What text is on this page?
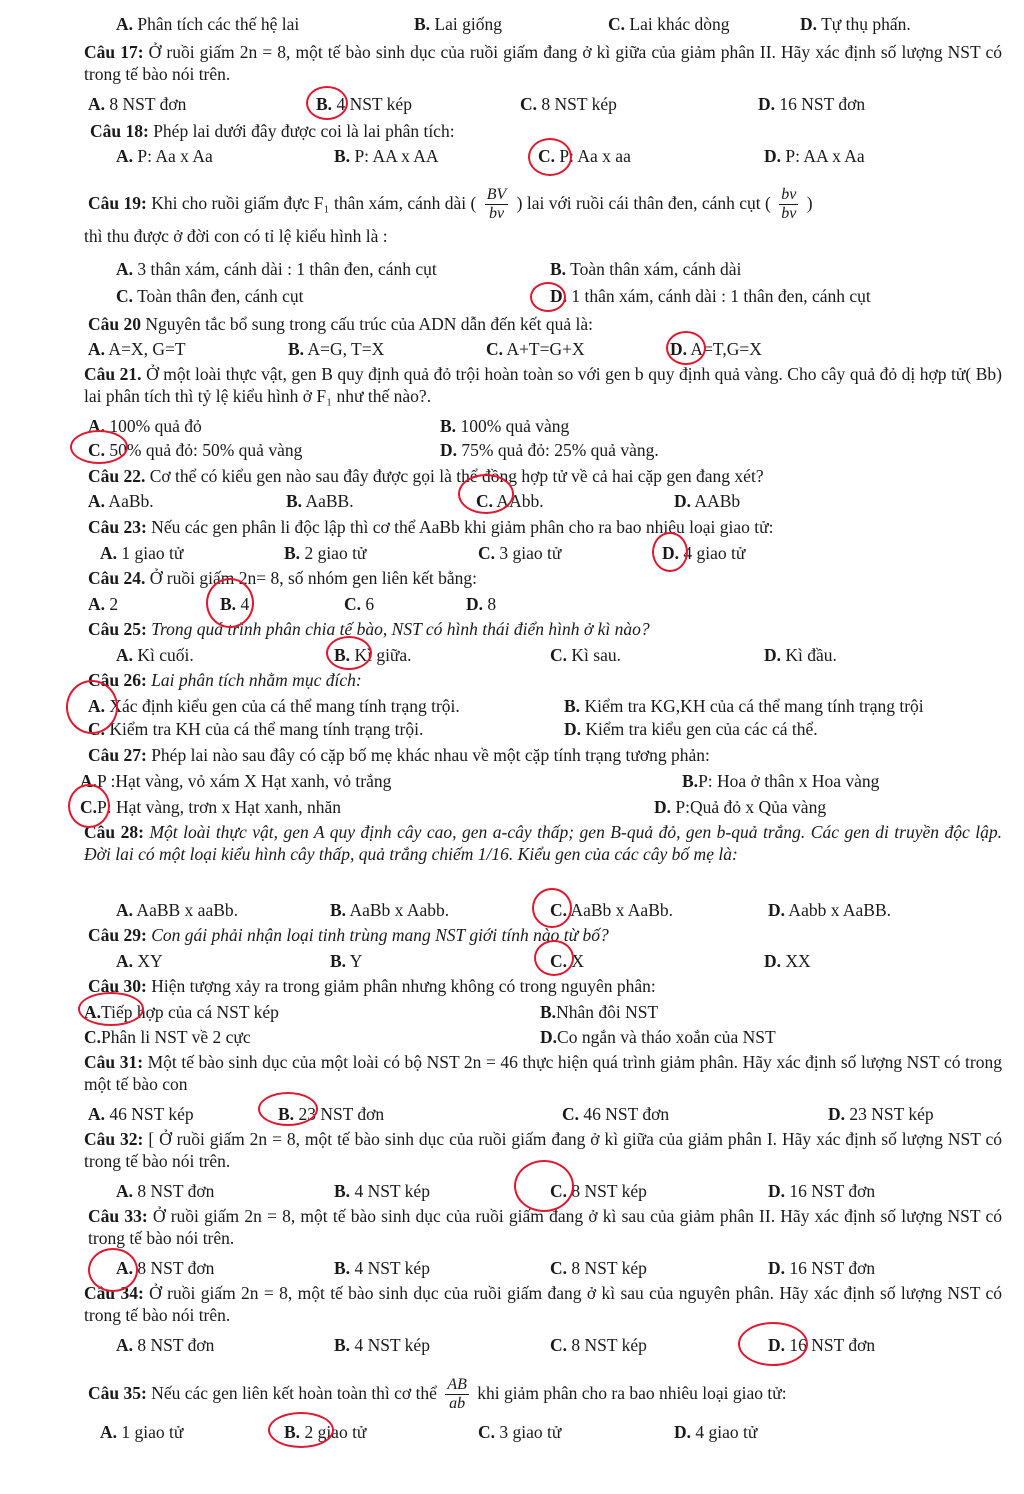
A. Phân tích các thế hệ lai	B. Lai giống	C. Lai khác dòng	D. Tự thụ phấn.
Câu 17: Ở ruồi giấm 2n = 8, một tế bào sinh dục của ruồi giấm đang ở kì giữa của giảm phân II. Hãy xác định số lượng NST có trong tế bào nói trên.
A. 8 NST đơn	B. 4 NST kép	C. 8 NST kép	D. 16 NST đơn
Câu 18: Phép lai dưới đây được coi là lai phân tích:
A. P: Aa x Aa	B. P: AA x AA	C. P: Aa x aa	D. P: AA x Aa
Câu 19: Khi cho ruồi giấm đực F₁ thân xám, cánh dài ( $\frac{BV}{bv}$ ) lai với ruồi cái thân đen, cánh cụt ( $\frac{bv}{bv}$ )
thì thu được ở đời con có tỉ lệ kiểu hình là :
A. 3 thân xám, cánh dài : 1 thân đen, cánh cụt	B. Toàn thân xám, cánh dài
C. Toàn thân đen, cánh cụt	D. 1 thân xám, cánh dài : 1 thân đen, cánh cụt
Câu 20 Nguyên tắc bổ sung trong cấu trúc của ADN dẫn đến kết quả là:
A. A=X, G=T	B. A=G, T=X	C. A+T=G+X	D. A=T,G=X
Câu 21. Ở một loài thực vật, gen B quy định quả đỏ trội hoàn toàn so với gen b quy định quả vàng. Cho cây quả đỏ dị hợp tử( Bb) lai phân tích thì tỷ lệ kiểu hình ở F₁ như thế nào?.
A. 100% quả đỏ	B. 100% quả vàng
C. 50% quả đỏ: 50% quả vàng	D. 75% quả đỏ: 25% quả vàng.
Câu 22. Cơ thể có kiểu gen nào sau đây được gọi là thể đồng hợp tử về cả hai cặp gen đang xét?
A. AaBb.	B. AaBB.	C. AAbb.	D. AABb
Câu 23: Nếu các gen phân li độc lập thì cơ thể AaBb khi giảm phân cho ra bao nhiêu loại giao tử:
A. 1 giao tử	B. 2 giao tử	C. 3 giao tử	D. 4 giao tử
Câu 24. Ở ruồi giấm 2n= 8, số nhóm gen liên kết bằng:
A. 2	B. 4	C. 6	D. 8
Câu 25: Trong quá trình phân chia tế bào, NST có hình thái điển hình ở kì nào?
A. Kì cuối.	B. Kì giữa.	C. Kì sau.	D. Kì đầu.
Câu 26: Lai phân tích nhằm mục đích:
A. Xác định kiểu gen của cá thể mang tính trạng trội.	B. Kiểm tra KG,KH của cá thể mang tính trạng trội
C. Kiểm tra KH của cá thể mang tính trạng trội.	D. Kiểm tra kiểu gen của các cá thể.
Câu 27: Phép lai nào sau đây có cặp bố mẹ khác nhau về một cặp tính trạng tương phản:
A.P :Hạt vàng, vỏ xám X Hạt xanh, vỏ trắng	B.P: Hoa ở thân x Hoa vàng
C.P: Hạt vàng, trơn x Hạt xanh, nhăn	D. P:Quả đỏ x Qủa vàng
Câu 28: Một loài thực vật, gen A quy định cây cao, gen a-cây thấp; gen B-quả đỏ, gen b-quả trắng. Các gen di truyền độc lập. Đời lai có một loại kiểu hình cây thấp, quả trắng chiếm 1/16. Kiểu gen của các cây bố mẹ là:
A. AaBB x aaBb.	B. AaBb x Aabb.	C. AaBb x AaBb.	D. Aabb x AaBB.
Câu 29: Con gái phải nhận loại tinh trùng mang NST giới tính nào từ bố?
A. XY	B. Y	C. X	D. XX
Câu 30: Hiện tượng xảy ra trong giảm phân nhưng không có trong nguyên phân:
A.Tiếp hợp của cá NST kép	B.Nhân đôi NST
C.Phân li NST về 2 cực	D.Co ngắn và tháo xoắn của NST
Câu 31: Một tế bào sinh dục của một loài có bộ NST 2n = 46 thực hiện quá trình giảm phân. Hãy xác định số lượng NST có trong một tế bào con
A. 46 NST kép	B. 23 NST đơn	C. 46 NST đơn	D. 23 NST kép
Câu 32: [ Ở ruồi giấm 2n = 8, một tế bào sinh dục của ruồi giấm đang ở kì giữa của giảm phân I. Hãy xác định số lượng NST có trong tế bào nói trên.
A. 8 NST đơn	B. 4 NST kép	C. 8 NST kép	D. 16 NST đơn
Câu 33: Ở ruồi giấm 2n = 8, một tế bào sinh dục của ruồi giấm đang ở kì sau của giảm phân II. Hãy xác định số lượng NST có trong tế bào nói trên.
A. 8 NST đơn	B. 4 NST kép	C. 8 NST kép	D. 16 NST đơn
Câu 34: Ở ruồi giấm 2n = 8, một tế bào sinh dục của ruồi giấm đang ở kì sau của nguyên phân. Hãy xác định số lượng NST có trong tế bào nói trên.
A. 8 NST đơn	B. 4 NST kép	C. 8 NST kép	D. 16 NST đơn
Câu 35: Nếu các gen liên kết hoàn toàn thì cơ thể $\frac{AB}{ab}$ khi giảm phân cho ra bao nhiêu loại giao tử:
A. 1 giao tử	B. 2 giao tử	C. 3 giao tử	D. 4 giao tử
